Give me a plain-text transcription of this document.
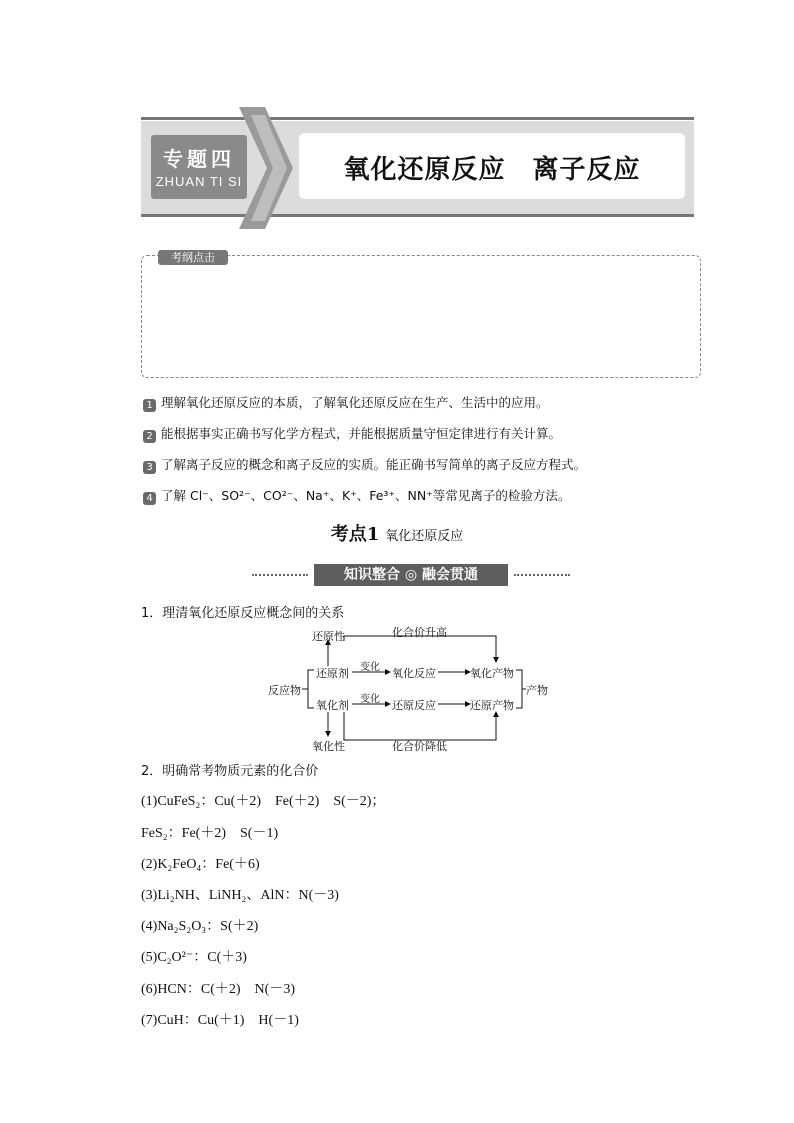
专题四
ZHUAN TI SI	氧化还原反应　离子反应
考纲点击
1 理解氧化还原反应的本质，了解氧化还原反应在生产、生活中的应用。
2 能根据事实正确书写化学方程式，并能根据质量守恒定律进行有关计算。
3 了解离子反应的概念和离子反应的实质。能正确书写简单的离子反应方程式。
4 了解 Cl⁻、SO²⁻、CO²⁻、Na⁺、K⁺、Fe³⁺、NN⁺等常见离子的检验方法。
考点1 氧化还原反应
知识整合 ◎ 融会贯通
1．理清氧化还原反应概念间的关系
还原性	化合价升高
反应物
还原剂 变化 氧化反应	氧化产物
产物
氧化剂 变化 还原反应	还原产物
氧化性	化合价降低
2．明确常考物质元素的化合价
(1)CuFeS₂：Cu(＋2)　Fe(＋2)　S(－2)；
FeS₂：Fe(＋2)　S(－1)
(2)K₂FeO₄：Fe(＋6)
(3)Li₂NH、LiNH₂、AlN：N(－3)
(4)Na₂S₂O₃：S(＋2)
(5)C₂O²⁻：C(＋3)
(6)HCN：C(＋2)　N(－3)
(7)CuH：Cu(＋1)　H(－1)
